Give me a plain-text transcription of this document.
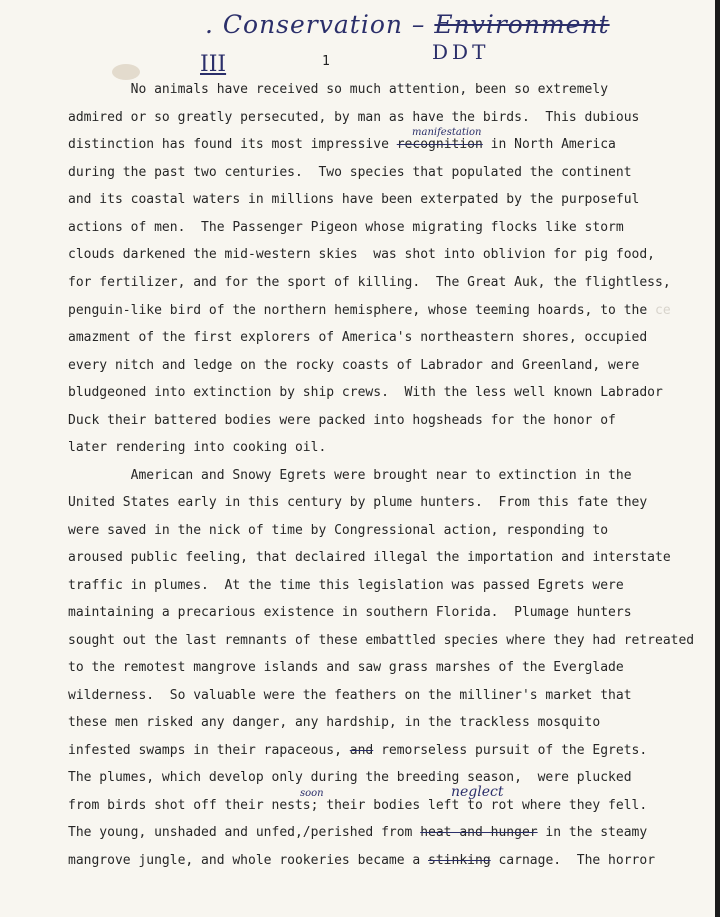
. Conservation – Environment
DDT
III	1
No animals have received so much attention, been so extremely
admired or so greatly persecuted, by man as have the birds.  This dubious
distinction has found its most impressive recognition in North America
during the past two centuries.  Two species that populated the continent
and its coastal waters in millions have been exterpated by the purposeful
actions of men.  The Passenger Pigeon whose migrating flocks like storm
clouds darkened the mid-western skies  was shot into oblivion for pig food,
for fertilizer, and for the sport of killing.  The Great Auk, the flightless,
penguin-like bird of the northern hemisphere, whose teeming hoards, to the ce
amazment of the first explorers of America's northeastern shores, occupied
every nitch and ledge on the rocky coasts of Labrador and Greenland, were
bludgeoned into extinction by ship crews.  With the less well known Labrador
Duck their battered bodies were packed into hogsheads for the honor of
later rendering into cooking oil.
American and Snowy Egrets were brought near to extinction in the
United States early in this century by plume hunters.  From this fate they
were saved in the nick of time by Congressional action, responding to
aroused public feeling, that declaired illegal the importation and interstate
traffic in plumes.  At the time this legislation was passed Egrets were
maintaining a precarious existence in southern Florida.  Plumage hunters
sought out the last remnants of these embattled species where they had retreated
to the remotest mangrove islands and saw grass marshes of the Everglade
wilderness.  So valuable were the feathers on the milliner's market that
these men risked any danger, any hardship, in the trackless mosquito
infested swamps in their rapaceous, and remorseless pursuit of the Egrets.
The plumes, which develop only during the breeding season,  were plucked
from birds shot off their nests; their bodies left to rot where they fell.
The young, unshaded and unfed,/perished from heat and hunger in the steamy
mangrove jungle, and whole rookeries became a stinking carnage.  The horror
manifestation
soon	neglect
